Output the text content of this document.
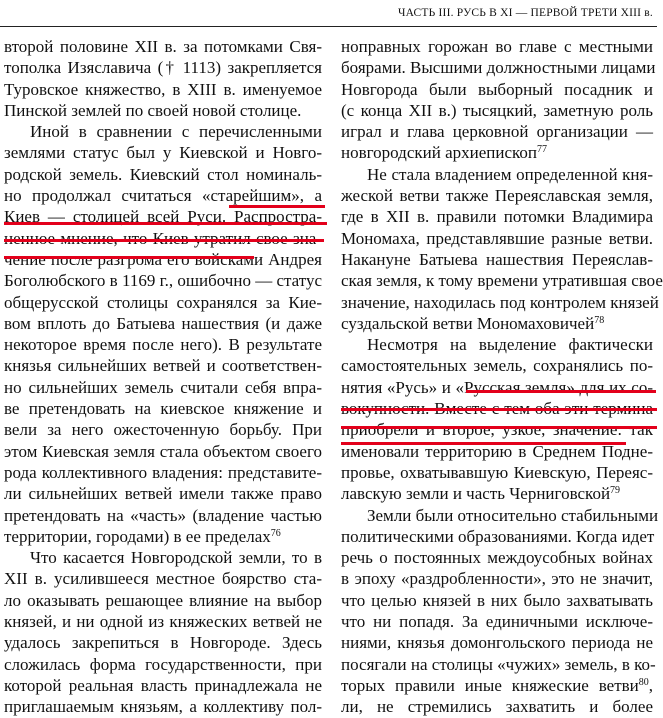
ЧАСТЬ III. РУСЬ В XI — ПЕРВОЙ ТРЕТИ XIII в.
второй половине XII в. за потомками Свя-
тополка Изяславича († 1113) закрепляется
Туровское княжество, в XIII в. именуемое
Пинской землей по своей новой столице.
Иной в сравнении с перечисленными
землями статус был у Киевской и Новго-
родской земель. Киевский стол номиналь-
но продолжал считаться «старейшим», а
Киев — столицей всей Руси. Распростра-
ненное мнение, что Киев утратил свое зна-
чение после разгрома его войсками Андрея
Боголюбского в 1169 г., ошибочно — статус
общерусской столицы сохранялся за Кие-
вом вплоть до Батыева нашествия (и даже
некоторое время после него). В результате
князья сильнейших ветвей и соответствен-
но сильнейших земель считали себя впра-
ве претендовать на киевское княжение и
вели за него ожесточенную борьбу. При
этом Киевская земля стала объектом своего
рода коллективного владения: представите-
ли сильнейших ветвей имели также право
претендовать на «часть» (владение частью
территории, городами) в ее пределах$^{76}$
Что касается Новгородской земли, то в
XII в. усилившееся местное боярство ста-
ло оказывать решающее влияние на выбор
князей, и ни одной из княжеских ветвей не
удалось закрепиться в Новгороде. Здесь
сложилась форма государственности, при
которой реальная власть принадлежала не
приглашаемым князьям, а коллективу пол-
ноправных горожан во главе с местными
боярами. Высшими должностными лицами
Новгорода были выборный посадник и
(с конца XII в.) тысяцкий, заметную роль
играл и глава церковной организации —
новгородский архиепископ$^{77}$
Не стала владением определенной кня-
жеской ветви также Переяславская земля,
где в XII в. правили потомки Владимира
Мономаха, представлявшие разные ветви.
Накануне Батыева нашествия Переяслав-
ская земля, к тому времени утратившая свое
значение, находилась под контролем князей
суздальской ветви Мономаховичей$^{78}$
Несмотря на выделение фактически
самостоятельных земель, сохранялись по-
нятия «Русь» и «Русская земля» для их со-
вокупности. Вместе с тем оба эти термина
приобрели и второе, узкое, значение: так
именовали территорию в Среднем Подне-
провье, охватывавшую Киевскую, Переяс-
лавскую земли и часть Черниговской$^{79}$
Земли были относительно стабильными
политическими образованиями. Когда идет
речь о постоянных междоусобных войнах
в эпоху «раздробленности», это не значит,
что целью князей в них было захватывать
что ни попадя. За единичными исключе-
ниями, князья домонгольского периода не
посягали на столицы «чужих» земель, в ко-
торых правили иные княжеские ветви$^{80}$,
ли, не стремились захватить и более
